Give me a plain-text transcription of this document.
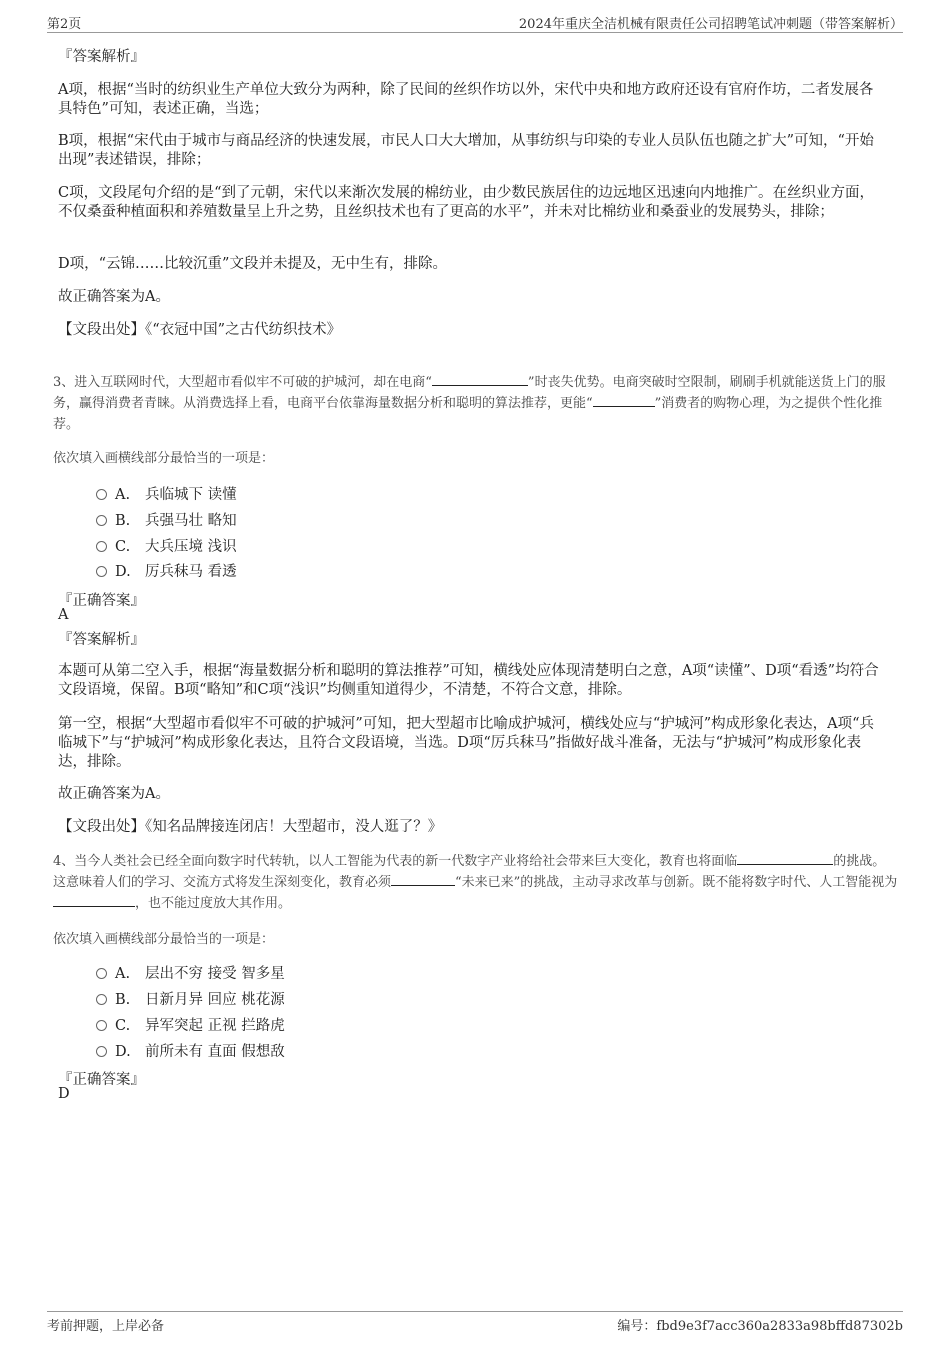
第2页	2024年重庆全洁机械有限责任公司招聘笔试冲刺题（带答案解析）
『答案解析』
A项，根据“当时的纺织业生产单位大致分为两种，除了民间的丝织作坊以外，宋代中央和地方政府还设有官府作坊，二者发展各具特色”可知，表述正确，当选；
B项，根据“宋代由于城市与商品经济的快速发展，市民人口大大增加，从事纺织与印染的专业人员队伍也随之扩大”可知，“开始出现”表述错误，排除；
C项，文段尾句介绍的是“到了元朝，宋代以来渐次发展的棉纺业，由少数民族居住的边远地区迅速向内地推广。在丝织业方面，不仅桑蚕种植面积和养殖数量呈上升之势，且丝织技术也有了更高的水平”，并未对比棉纺业和桑蚕业的发展势头，排除；
D项，“云锦……比较沉重”文段并未提及，无中生有，排除。
故正确答案为A。
【文段出处】《“衣冠中国”之古代纺织技术》
3、进入互联网时代，大型超市看似牢不可破的护城河，却在电商“	”时丧失优势。电商突破时空限制，刷刷手机就能送货上门的服务，赢得消费者青睐。从消费选择上看，电商平台依靠海量数据分析和聪明的算法推荐，更能“	”消费者的购物心理，为之提供个性化推荐。
依次填入画横线部分最恰当的一项是：
A. 兵临城下 读懂
B. 兵强马壮 略知
C. 大兵压境 浅识
D. 厉兵秣马 看透
『正确答案』
A
『答案解析』
本题可从第二空入手，根据“海量数据分析和聪明的算法推荐”可知，横线处应体现清楚明白之意，A项“读懂”、D项“看透”均符合文段语境，保留。B项“略知”和C项“浅识”均侧重知道得少，不清楚，不符合文意，排除。
第一空，根据“大型超市看似牢不可破的护城河”可知，把大型超市比喻成护城河，横线处应与“护城河”构成形象化表达，A项“兵临城下”与“护城河”构成形象化表达，且符合文段语境，当选。D项“厉兵秣马”指做好战斗准备，无法与“护城河”构成形象化表达，排除。
故正确答案为A。
【文段出处】《知名品牌接连闭店！大型超市，没人逛了？》
4、当今人类社会已经全面向数字时代转轨，以人工智能为代表的新一代数字产业将给社会带来巨大变化，教育也将面临	的挑战。这意味着人们的学习、交流方式将发生深刻变化，教育必须	“未来已来”的挑战，主动寻求改革与创新。既不能将数字时代、人工智能视为，也不能过度放大其作用。
依次填入画横线部分最恰当的一项是：
A. 层出不穷 接受 智多星
B. 日新月异 回应 桃花源
C. 异军突起 正视 拦路虎
D. 前所未有 直面 假想敌
『正确答案』
D
考前押题，上岸必备	编号：fbd9e3f7acc360a2833a98bffd87302b
